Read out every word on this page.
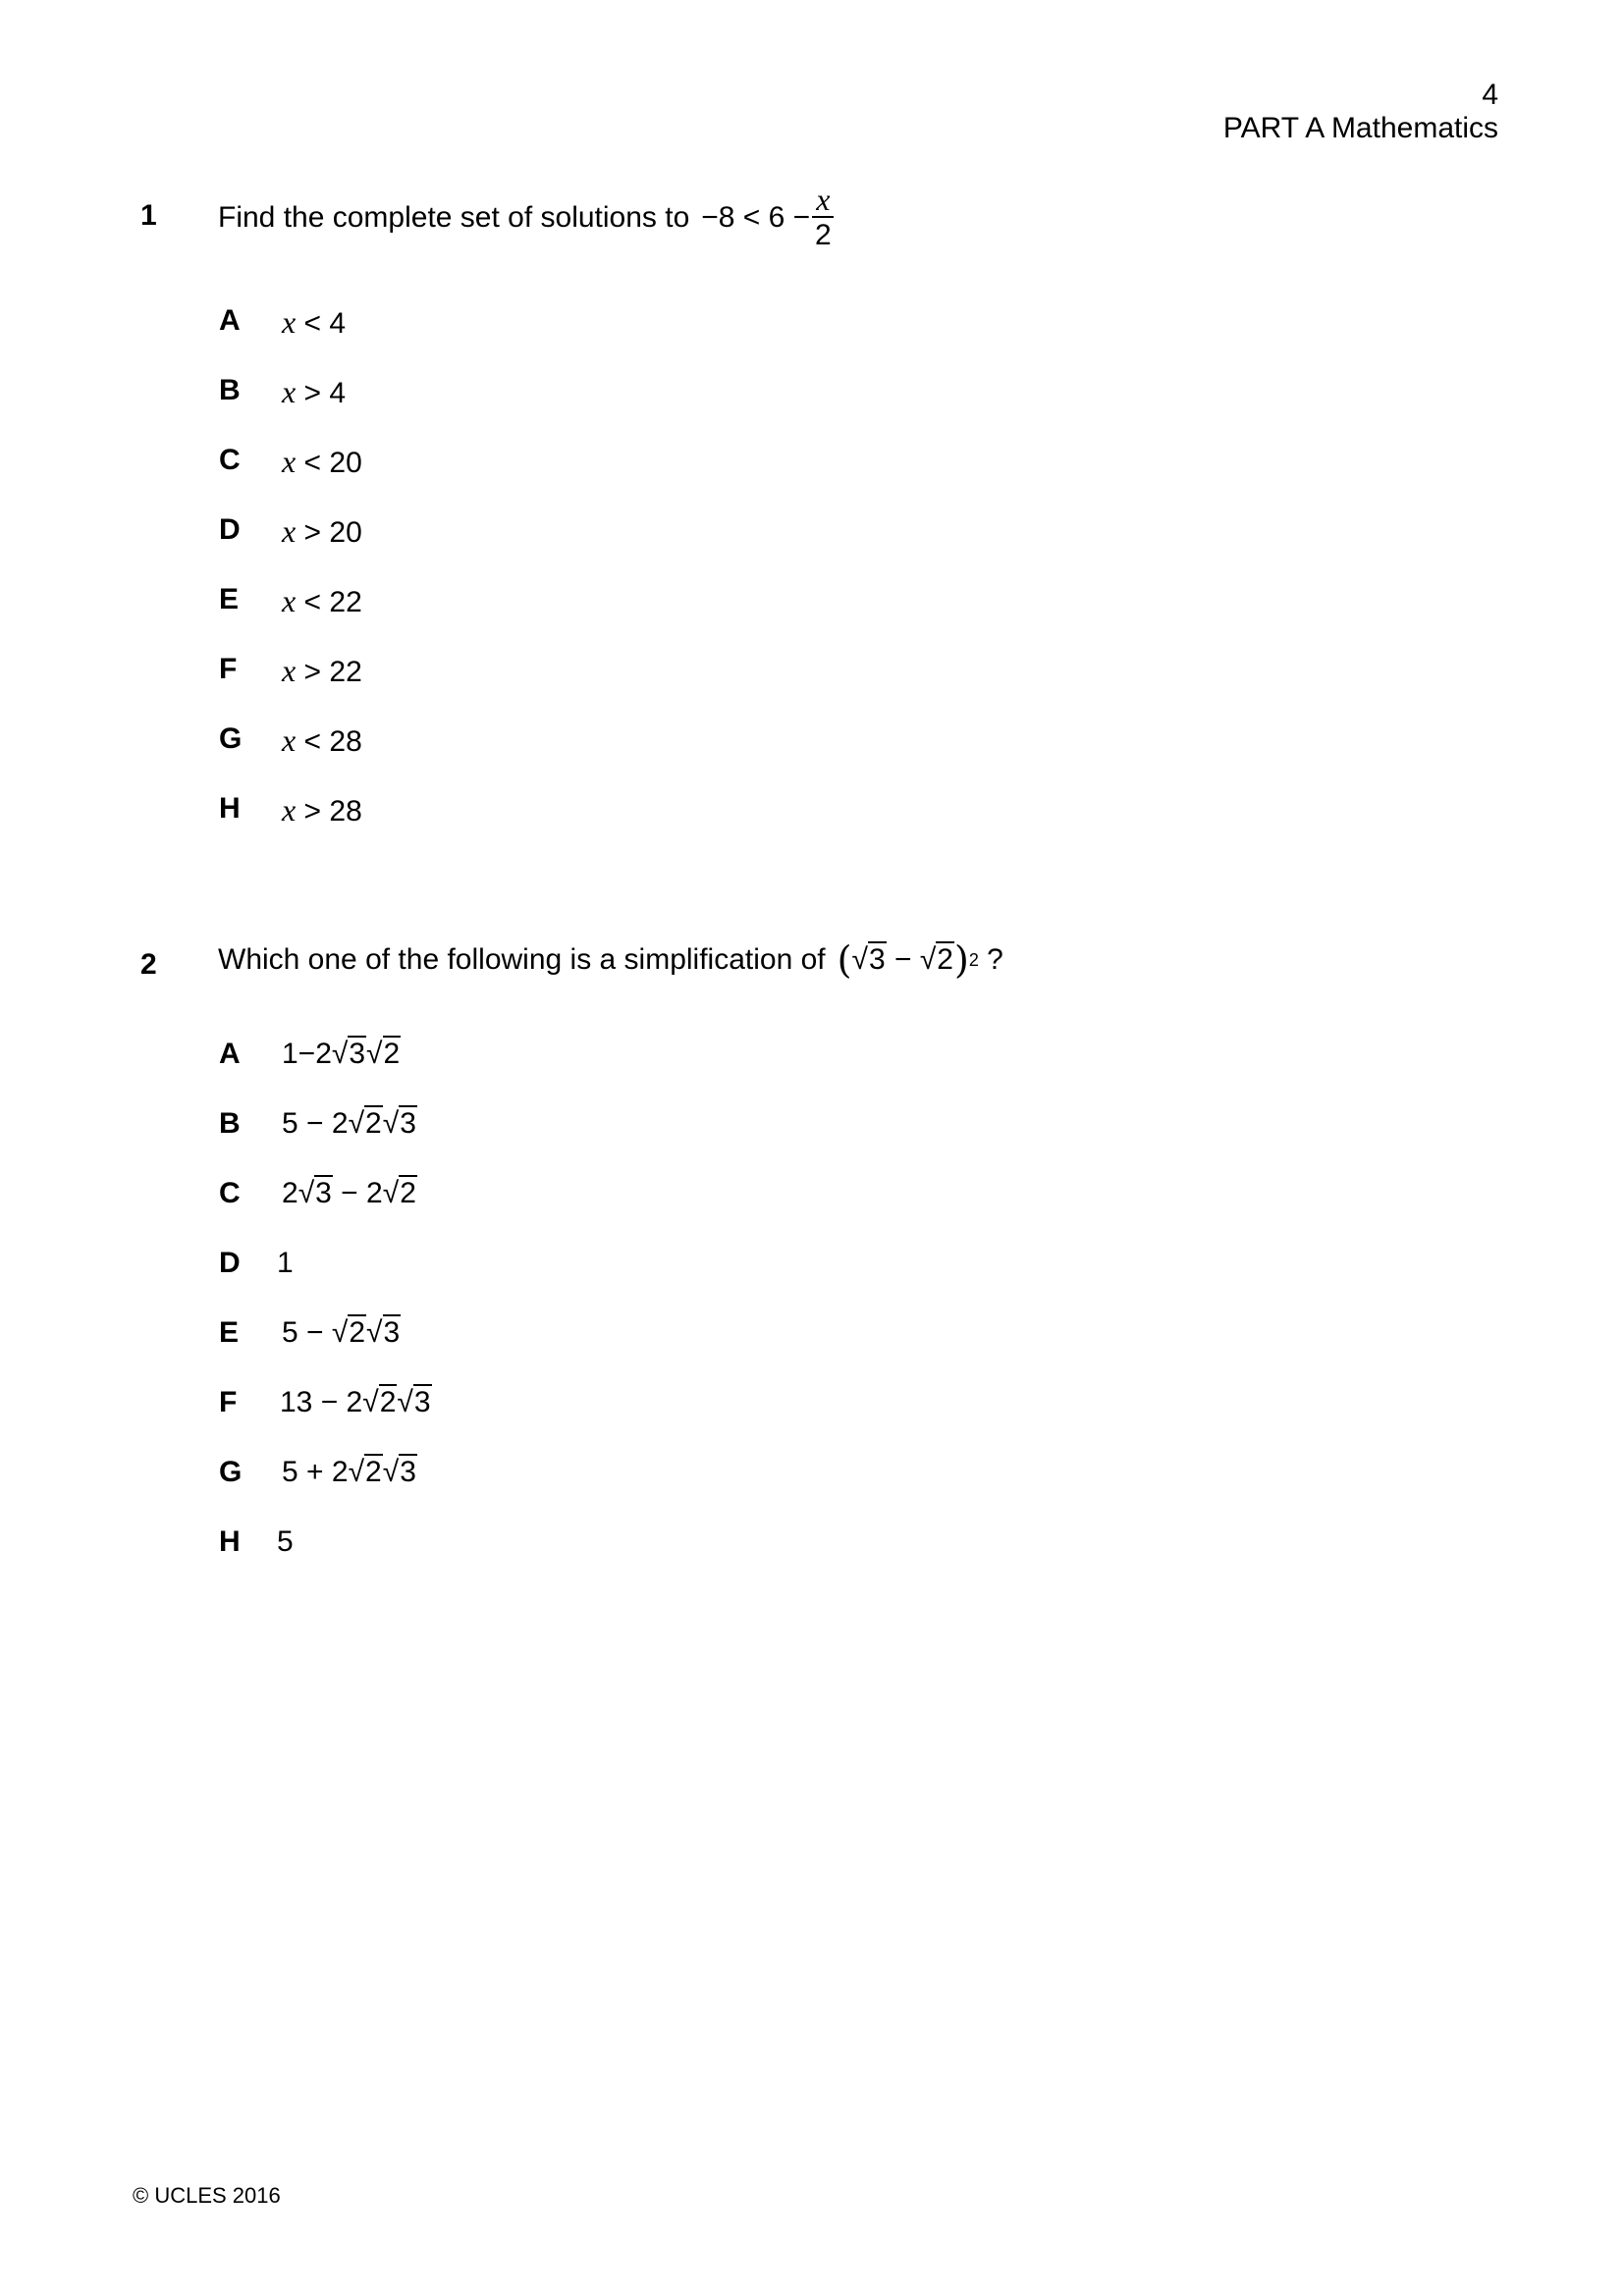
4
PART A Mathematics
1 Find the complete set of solutions to $-8 < 6 - \frac{x}{2}$
A x < 4
B x > 4
C x < 20
D x > 20
E x < 22
F x > 22
G x < 28
H x > 28
2 Which one of the following is a simplification of ( √3 − √2 ) 2 ?
A 1−2√3√2
B 5 − 2√2√3
C 2√3 − 2√2
D 1
E 5 − √2√3
F 13 − 2√2√3
G 5 + 2√2√3
H 5
© UCLES 2016
